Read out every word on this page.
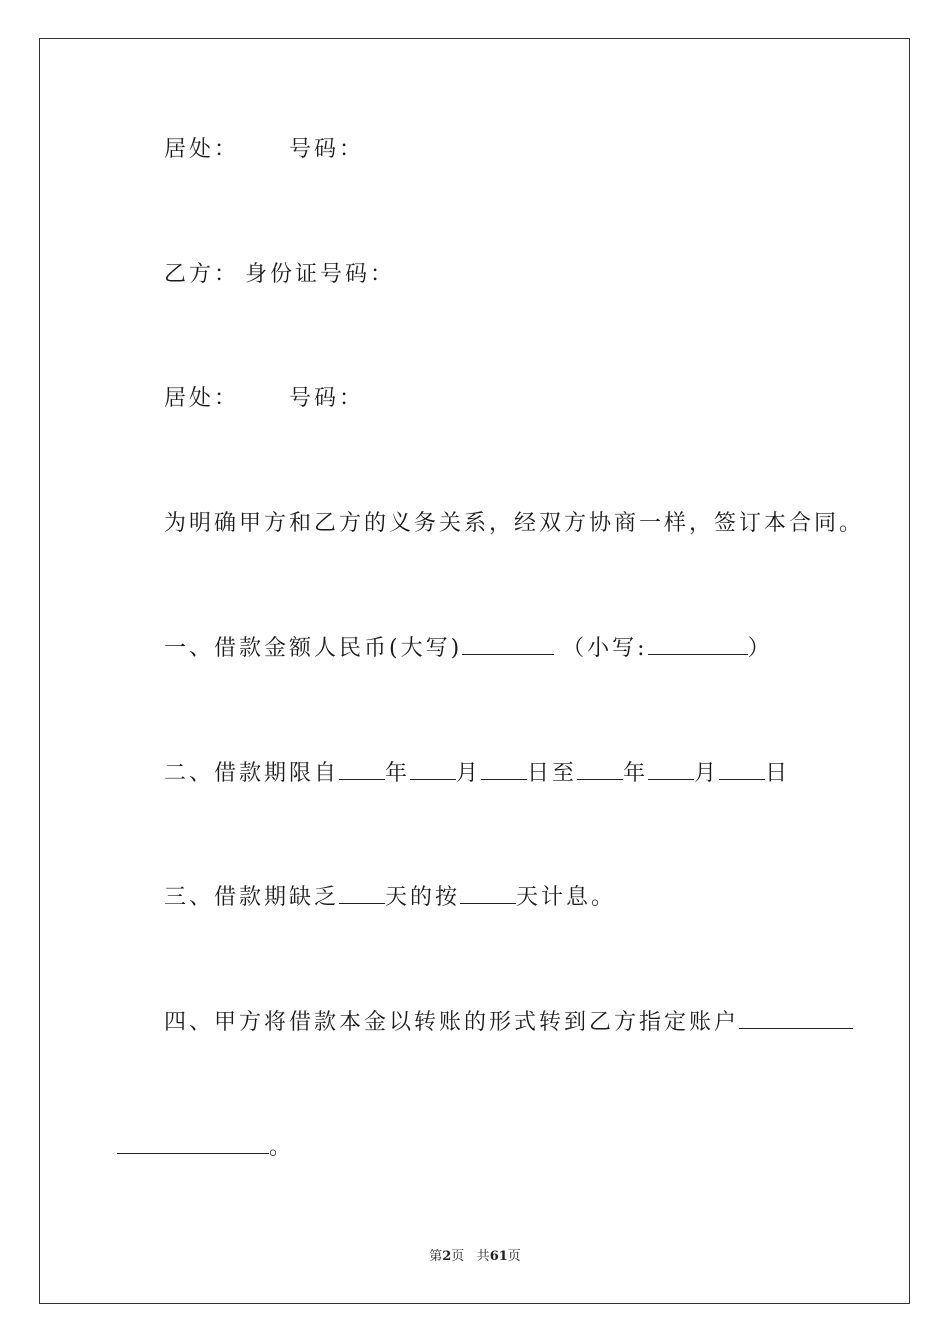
居处： 号码：
乙方： 身份证号码：
居处： 号码：
为明确甲方和乙方的义务关系，经双方协商一样，签订本合同。
一、借款金额人民币(大写)	（小写:	）
二、借款期限自 年 月 日至 年 月 日
三、借款期缺乏 天的按	天计息。
四、甲方将借款本金以转账的形式转到乙方指定账户
。
第2页 共61页
